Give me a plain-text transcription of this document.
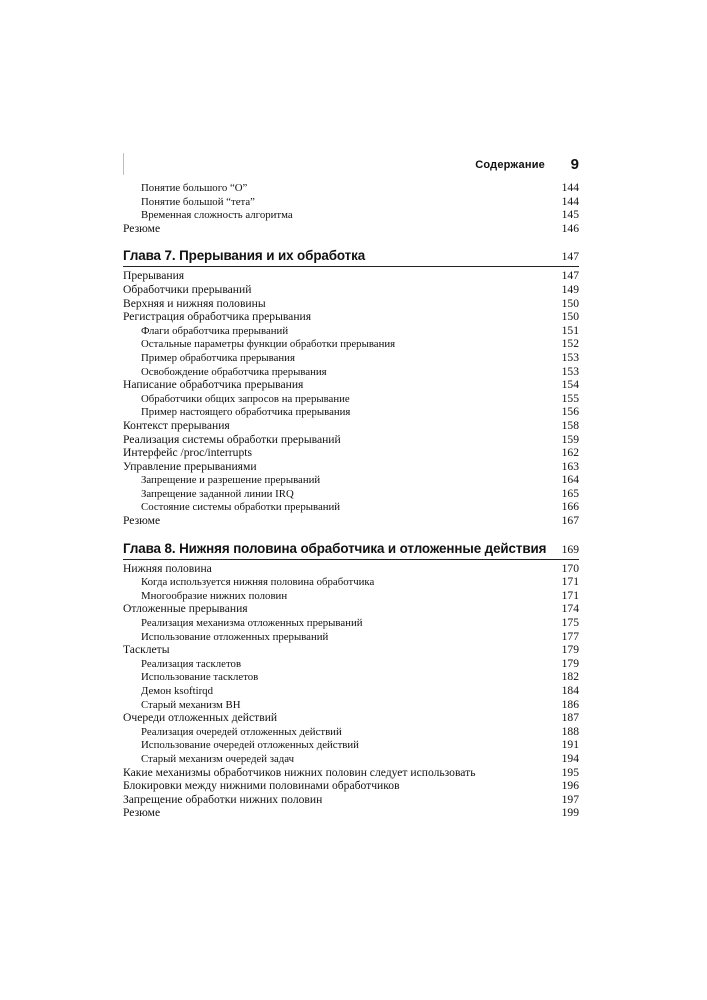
Содержание 9
Понятие большого “О”	144
Понятие большой “тета”	144
Временная сложность алгоритма	145
Резюме	146
Глава 7. Прерывания и их обработка	147
Прерывания	147
Обработчики прерываний	149
Верхняя и нижняя половины	150
Регистрация обработчика прерывания	150
Флаги обработчика прерываний	151
Остальные параметры функции обработки прерывания	152
Пример обработчика прерывания	153
Освобождение обработчика прерывания	153
Написание обработчика прерывания	154
Обработчики общих запросов на прерывание	155
Пример настоящего обработчика прерывания	156
Контекст прерывания	158
Реализация системы обработки прерываний	159
Интерфейс /proc/interrupts	162
Управление прерываниями	163
Запрещение и разрешение прерываний	164
Запрещение заданной линии IRQ	165
Состояние системы обработки прерываний	166
Резюме	167
Глава 8. Нижняя половина обработчика и отложенные действия 169
Нижняя половина	170
Когда используется нижняя половина обработчика	171
Многообразие нижних половин	171
Отложенные прерывания	174
Реализация механизма отложенных прерываний	175
Использование отложенных прерываний	177
Тасклеты	179
Реализация тасклетов	179
Использование тасклетов	182
Демон ksoftirqd	184
Старый механизм BH	186
Очереди отложенных действий	187
Реализация очередей отложенных действий	188
Использование очередей отложенных действий	191
Старый механизм очередей задач	194
Какие механизмы обработчиков нижних половин следует использовать	195
Блокировки между нижними половинами обработчиков	196
Запрещение обработки нижних половин	197
Резюме	199
